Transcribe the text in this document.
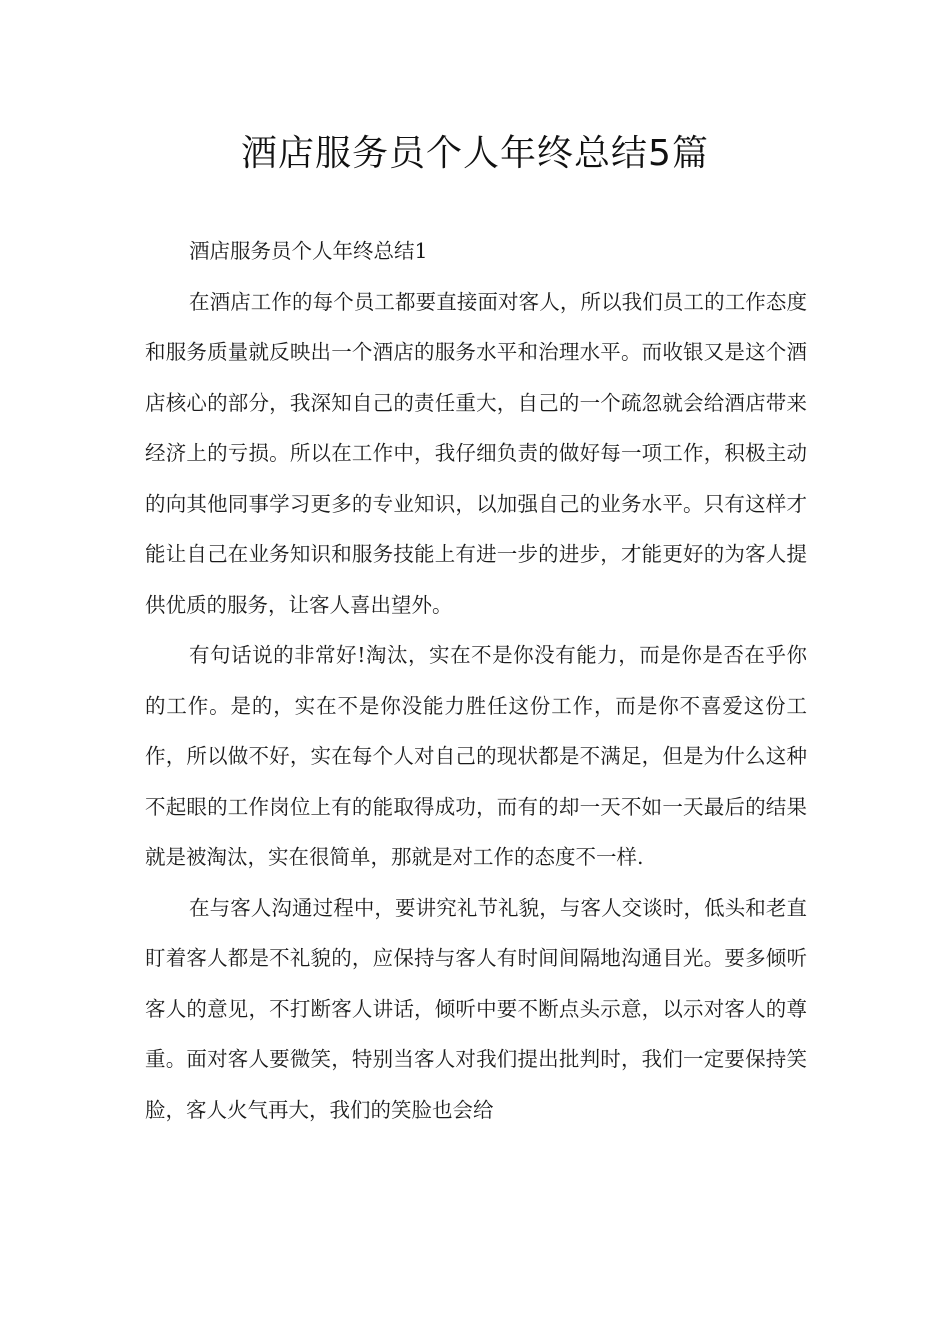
酒店服务员个人年终总结5篇

酒店服务员个人年终总结1

在酒店工作的每个员工都要直接面对客人，所以我们员工的工作态度和服务质量就反映出一个酒店的服务水平和治理水平。而收银又是这个酒店核心的部分，我深知自己的责任重大，自己的一个疏忽就会给酒店带来经济上的亏损。所以在工作中，我仔细负责的做好每一项工作，积极主动的向其他同事学习更多的专业知识，以加强自己的业务水平。只有这样才能让自己在业务知识和服务技能上有进一步的进步，才能更好的为客人提供优质的服务，让客人喜出望外。

有句话说的非常好!淘汰，实在不是你没有能力，而是你是否在乎你的工作。是的，实在不是你没能力胜任这份工作，而是你不喜爱这份工作，所以做不好，实在每个人对自己的现状都是不满足，但是为什么这种不起眼的工作岗位上有的能取得成功，而有的却一天不如一天最后的结果就是被淘汰，实在很简单，那就是对工作的态度不一样.

在与客人沟通过程中，要讲究礼节礼貌，与客人交谈时，低头和老直盯着客人都是不礼貌的，应保持与客人有时间间隔地沟通目光。要多倾听客人的意见，不打断客人讲话，倾听中要不断点头示意，以示对客人的尊重。面对客人要微笑，特别当客人对我们提出批判时，我们一定要保持笑脸，客人火气再大，我们的笑脸也会给
